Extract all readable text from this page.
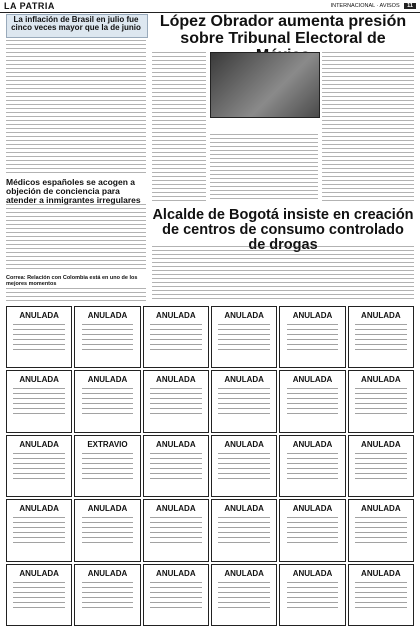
LA PATRIA	INTERNACIONAL · AVISOS 11
La inflación de Brasil en julio fue cinco veces mayor que la de junio	López Obrador aumenta presión sobre Tribunal Electoral de
Médicos españoles se acogen a objeción de conciencia para atender a inmigrantes irregulares
Alcalde de Bogotá insiste en creación de centros de consumo controlado de drogas
Correa: Relación con Colombia está en uno de los mejores momentos
ANULADA	ANULADA	ANULADA	ANULADA	ANULADA	ANULADA
ANULADA	ANULADA	ANULADA	ANULADA	ANULADA	ANULADA
ANULADA	EXTRAVIO	ANULADA	ANULADA	ANULADA	ANULADA
ANULADA	ANULADA	ANULADA	ANULADA	ANULADA	ANULADA
ANULADA	ANULADA	ANULADA	ANULADA	ANULADA	ANULADA
